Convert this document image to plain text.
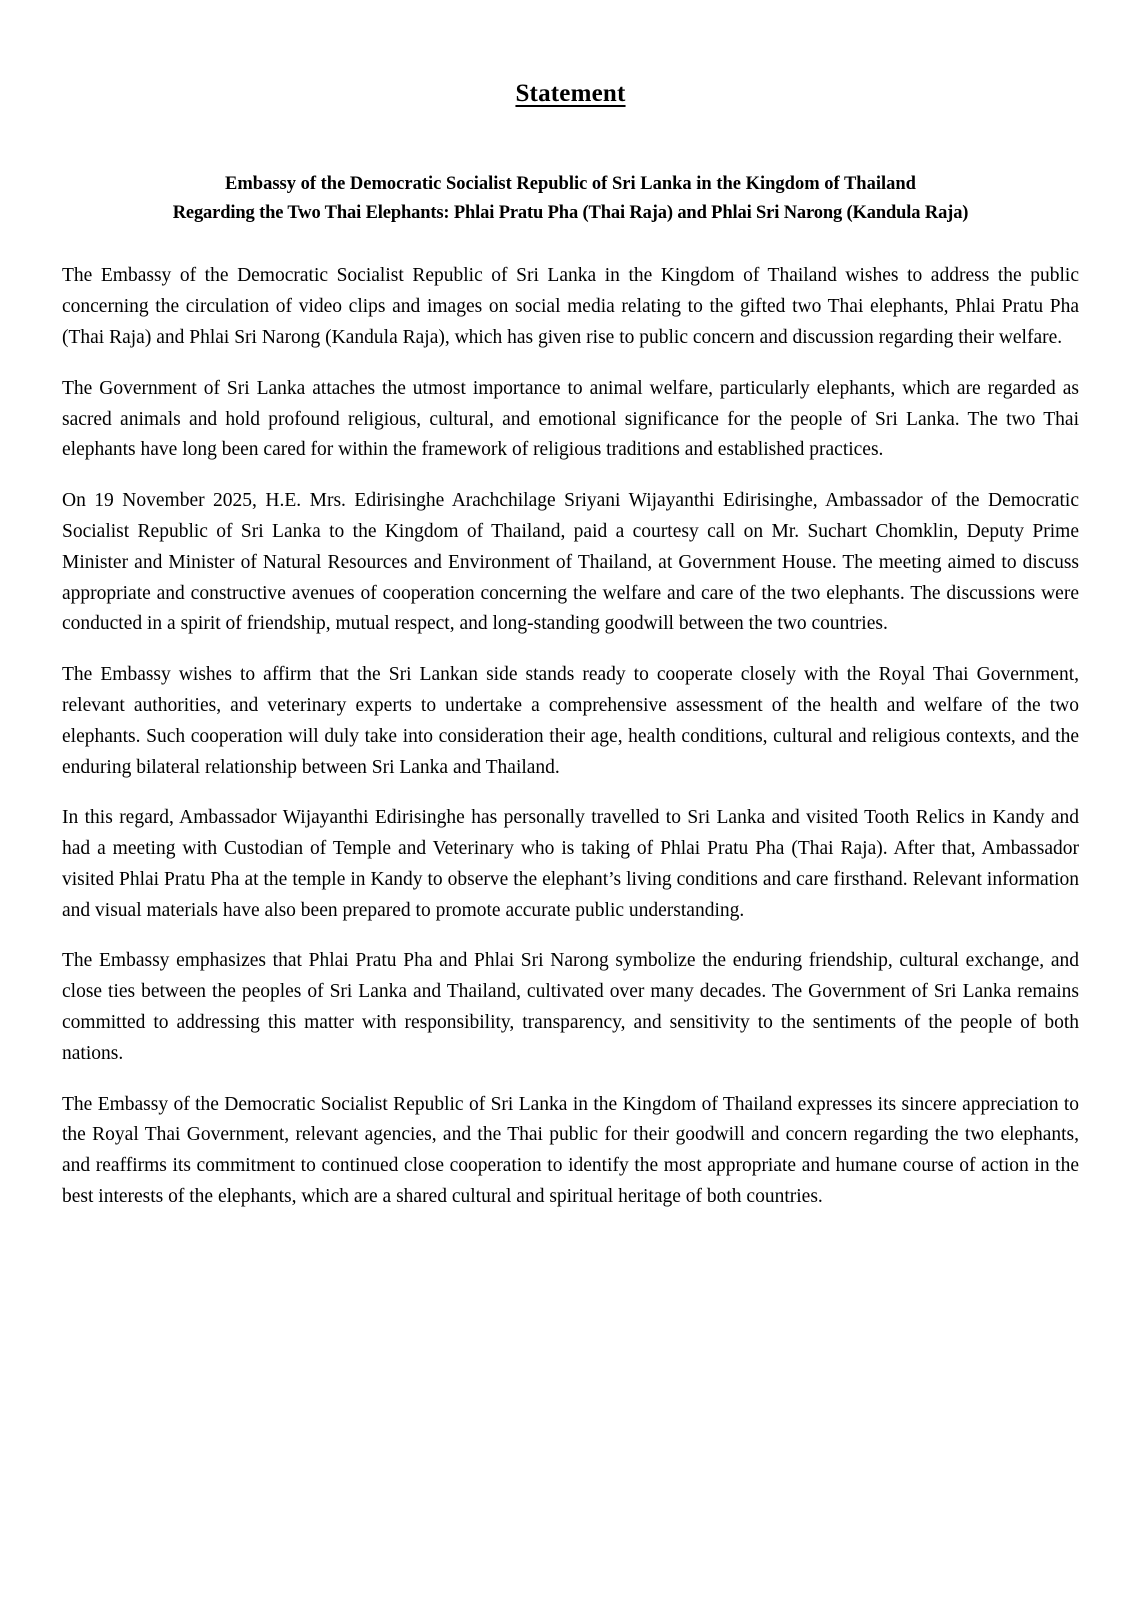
Statement
Embassy of the Democratic Socialist Republic of Sri Lanka in the Kingdom of Thailand
Regarding the Two Thai Elephants: Phlai Pratu Pha (Thai Raja) and Phlai Sri Narong (Kandula Raja)

The Embassy of the Democratic Socialist Republic of Sri Lanka in the Kingdom of Thailand wishes to address the public concerning the circulation of video clips and images on social media relating to the gifted two Thai elephants, Phlai Pratu Pha (Thai Raja) and Phlai Sri Narong (Kandula Raja), which has given rise to public concern and discussion regarding their welfare.

The Government of Sri Lanka attaches the utmost importance to animal welfare, particularly elephants, which are regarded as sacred animals and hold profound religious, cultural, and emotional significance for the people of Sri Lanka. The two Thai elephants have long been cared for within the framework of religious traditions and established practices.

On 19 November 2025, H.E. Mrs. Edirisinghe Arachchilage Sriyani Wijayanthi Edirisinghe, Ambassador of the Democratic Socialist Republic of Sri Lanka to the Kingdom of Thailand, paid a courtesy call on Mr. Suchart Chomklin, Deputy Prime Minister and Minister of Natural Resources and Environment of Thailand, at Government House. The meeting aimed to discuss appropriate and constructive avenues of cooperation concerning the welfare and care of the two elephants. The discussions were conducted in a spirit of friendship, mutual respect, and long-standing goodwill between the two countries.

The Embassy wishes to affirm that the Sri Lankan side stands ready to cooperate closely with the Royal Thai Government, relevant authorities, and veterinary experts to undertake a comprehensive assessment of the health and welfare of the two elephants. Such cooperation will duly take into consideration their age, health conditions, cultural and religious contexts, and the enduring bilateral relationship between Sri Lanka and Thailand.

In this regard, Ambassador Wijayanthi Edirisinghe has personally travelled to Sri Lanka and visited Tooth Relics in Kandy and had a meeting with Custodian of Temple and Veterinary who is taking of Phlai Pratu Pha (Thai Raja). After that, Ambassador visited Phlai Pratu Pha at the temple in Kandy to observe the elephant’s living conditions and care firsthand. Relevant information and visual materials have also been prepared to promote accurate public understanding.

The Embassy emphasizes that Phlai Pratu Pha and Phlai Sri Narong symbolize the enduring friendship, cultural exchange, and close ties between the peoples of Sri Lanka and Thailand, cultivated over many decades. The Government of Sri Lanka remains committed to addressing this matter with responsibility, transparency, and sensitivity to the sentiments of the people of both nations.

The Embassy of the Democratic Socialist Republic of Sri Lanka in the Kingdom of Thailand expresses its sincere appreciation to the Royal Thai Government, relevant agencies, and the Thai public for their goodwill and concern regarding the two elephants, and reaffirms its commitment to continued close cooperation to identify the most appropriate and humane course of action in the best interests of the elephants, which are a shared cultural and spiritual heritage of both countries.
